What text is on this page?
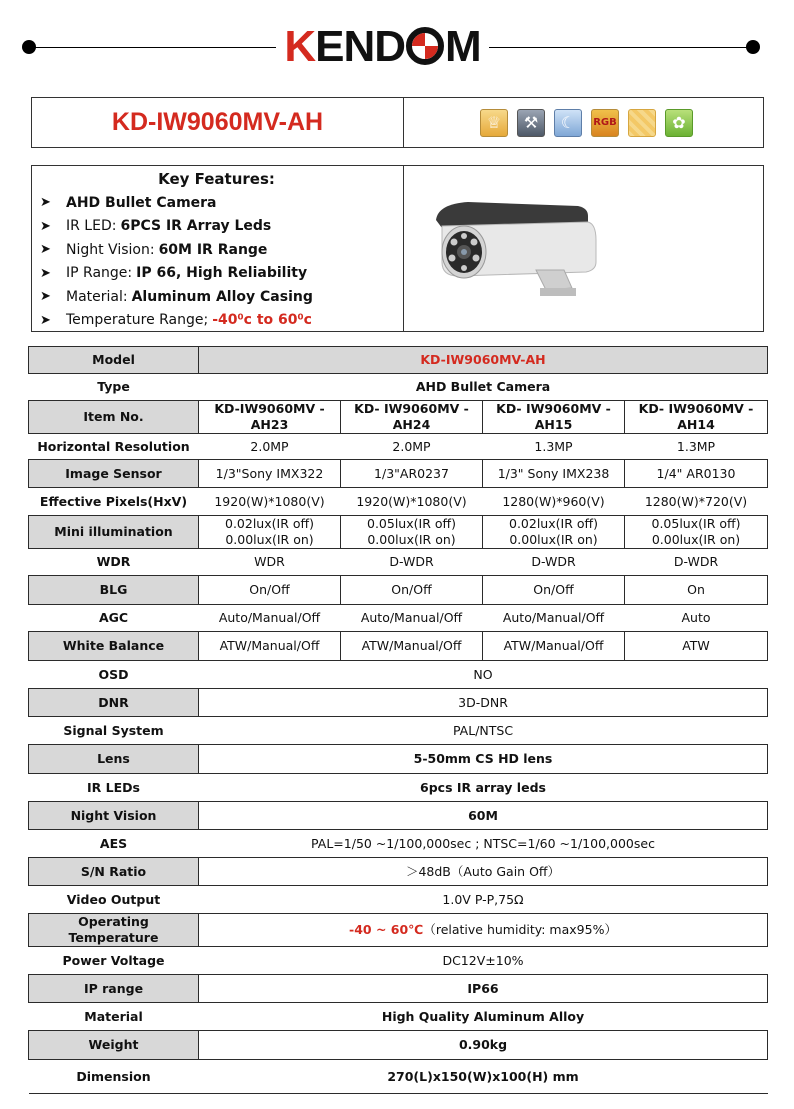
KEND M
KD-IW9060MV-AH	♕	⚒	☾	RGB	✿
Key Features:
➤	AHD Bullet Camera
➤	IR LED: 6PCS IR Array Leds
➤	Night Vision: 60M IR Range
➤	IP Range: IP 66, High Reliability
➤	Material: Aluminum Alloy Casing
➤	Temperature Range; -40⁰c to 60⁰c
Model	KD-IW9060MV-AH			
Type	AHD Bullet Camera			
Item No.	KD-IW9060MV -AH23	KD- IW9060MV -AH24	KD- IW9060MV -AH15	KD- IW9060MV -AH14
Horizontal Resolution	2.0MP	2.0MP	1.3MP	1.3MP
Image Sensor	1/3"Sony IMX322	1/3"AR0237	1/3" Sony IMX238	1/4" AR0130
Effective Pixels(HxV)	1920(W)*1080(V)	1920(W)*1080(V)	1280(W)*960(V)	1280(W)*720(V)
Mini illumination	0.02lux(IR off) 0.00lux(IR on)	0.05lux(IR off) 0.00lux(IR on)	0.02lux(IR off) 0.00lux(IR on)	0.05lux(IR off) 0.00lux(IR on)
WDR	WDR	D-WDR	D-WDR	D-WDR
BLG	On/Off	On/Off	On/Off	On
AGC	Auto/Manual/Off	Auto/Manual/Off	Auto/Manual/Off	Auto
White Balance	ATW/Manual/Off	ATW/Manual/Off	ATW/Manual/Off	ATW
OSD	NO			
DNR	3D-DNR			
Signal System	PAL/NTSC			
Lens	5-50mm CS HD lens			
IR LEDs	6pcs IR array leds			
Night Vision	60M			
AES	PAL=1/50 ~1/100,000sec ; NTSC=1/60 ~1/100,000sec			
S/N Ratio	＞48dB（Auto Gain Off）			
Video Output	1.0V P-P,75Ω			
Operating Temperature	-40 ~ 60℃（relative humidity: max95%）			
Power Voltage	DC12V±10%			
IP range	IP66			
Material	High Quality Aluminum Alloy			
Weight	0.90kg			
Dimension	270(L)x150(W)x100(H) mm			
